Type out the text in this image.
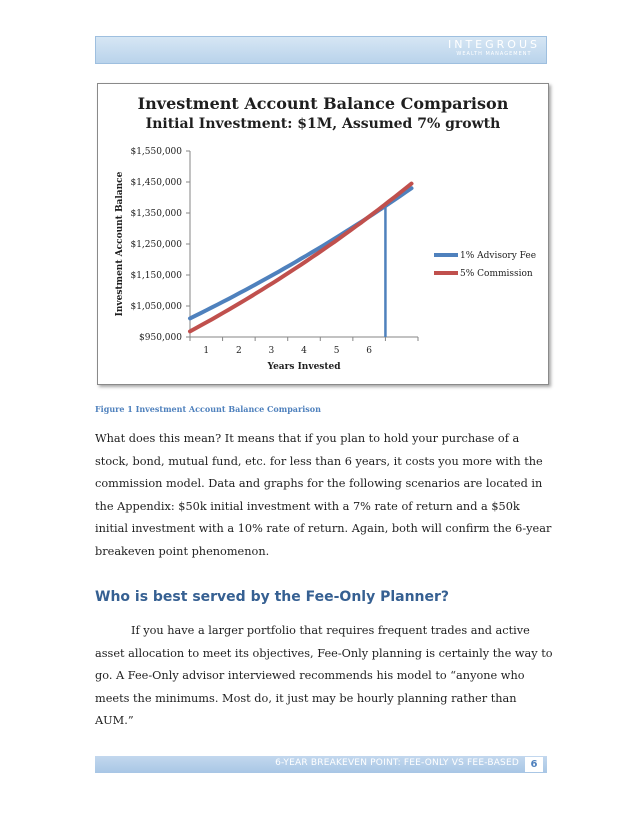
INTEGROUS
WEALTH MANAGEMENT
Investment Account Balance Comparison
Initial Investment: $1M, Assumed 7% growth
$950,000
$1,050,000
$1,150,000
$1,250,000
$1,350,000
$1,450,000
$1,550,000
1	2	3	4	5	6
Years Invested
Investment Account Balance	1% Advisory Fee
5% Commission
Figure 1 Investment Account Balance Comparison
What does this mean? It means that if you plan to hold your purchase of a stock, bond, mutual fund, etc. for less than 6 years, it costs you more with the commission model. Data and graphs for the following scenarios are located in the Appendix: $50k initial investment with a 7% rate of return and a $50k initial investment with a 10% rate of return. Again, both will confirm the 6-year breakeven point phenomenon.
Who is best served by the Fee-Only Planner?
If you have a larger portfolio that requires frequent trades and active asset allocation to meet its objectives, Fee-Only planning is certainly the way to go. A Fee-Only advisor interviewed recommends his model to “anyone who meets the minimums. Most do, it just may be hourly planning rather than AUM.”
6-YEAR BREAKEVEN POINT: FEE-ONLY VS FEE-BASED	6
